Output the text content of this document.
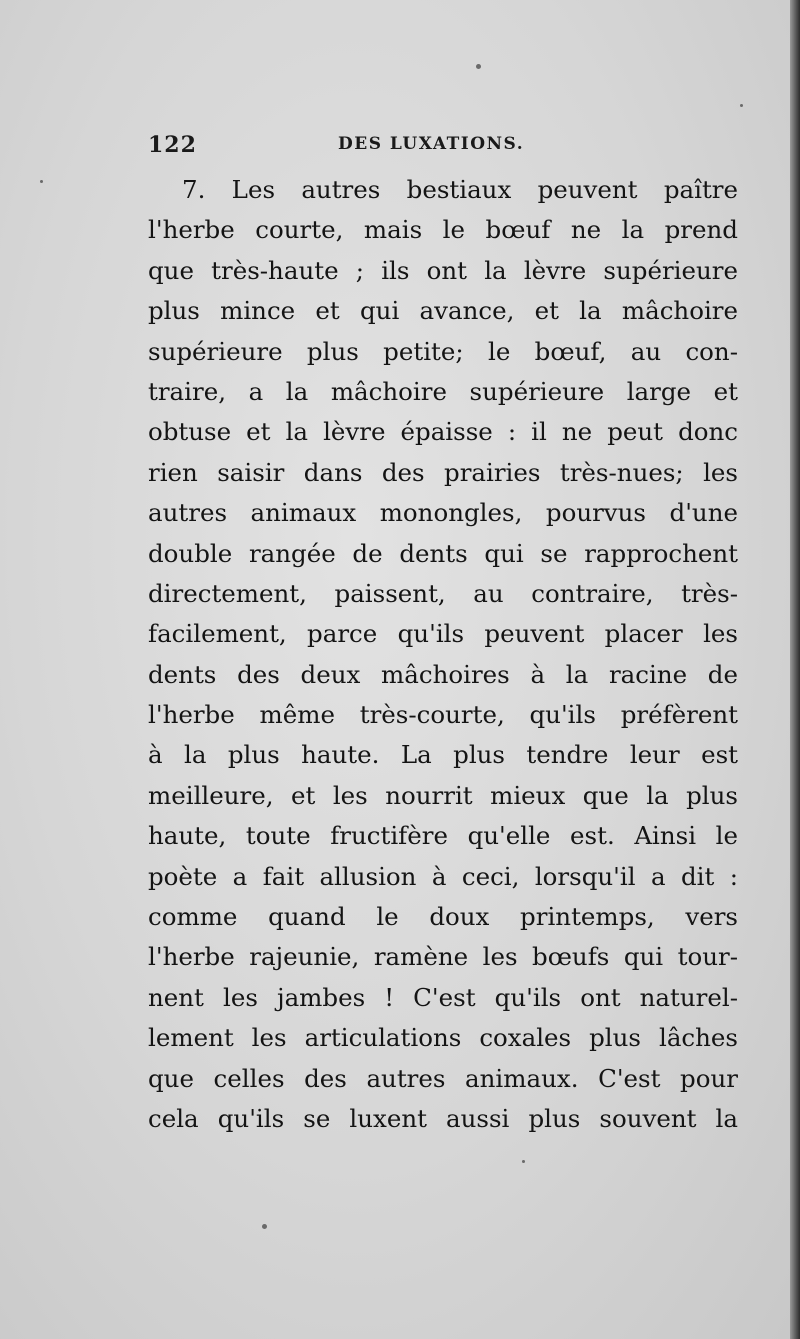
122	DES LUXATIONS.
7. Les autres bestiaux peuvent paître
l'herbe courte, mais le bœuf ne la prend
que très-haute ; ils ont la lèvre supérieure
plus mince et qui avance, et la mâchoire
supérieure plus petite; le bœuf, au con-
traire, a la mâchoire supérieure large et
obtuse et la lèvre épaisse : il ne peut donc
rien saisir dans des prairies très-nues; les
autres animaux monongles, pourvus d'une
double rangée de dents qui se rapprochent
directement, paissent, au contraire, très-
facilement, parce qu'ils peuvent placer les
dents des deux mâchoires à la racine de
l'herbe même très-courte, qu'ils préfèrent
à la plus haute. La plus tendre leur est
meilleure, et les nourrit mieux que la plus
haute, toute fructifère qu'elle est. Ainsi le
poète a fait allusion à ceci, lorsqu'il a dit :
comme quand le doux printemps, vers
l'herbe rajeunie, ramène les bœufs qui tour-
nent les jambes ! C'est qu'ils ont naturel-
lement les articulations coxales plus lâches
que celles des autres animaux. C'est pour
cela qu'ils se luxent aussi plus souvent la
